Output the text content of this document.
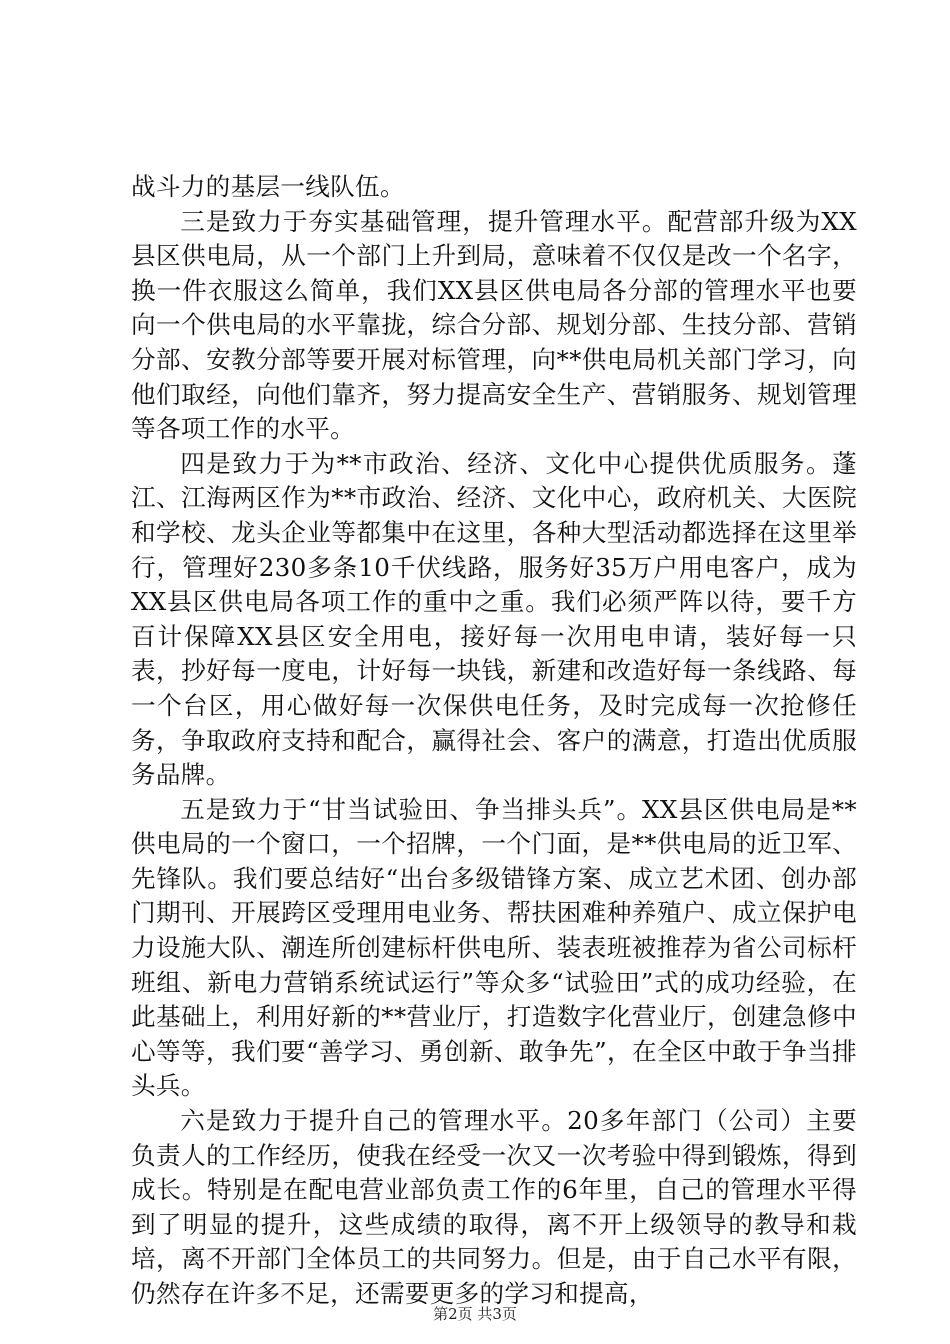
战斗力的基层一线队伍。

三是致力于夯实基础管理，提升管理水平。配营部升级为XX县区供电局，从一个部门上升到局，意味着不仅仅是改一个名字，换一件衣服这么简单，我们XX县区供电局各分部的管理水平也要向一个供电局的水平靠拢，综合分部、规划分部、生技分部、营销分部、安教分部等要开展对标管理，向**供电局机关部门学习，向他们取经，向他们靠齐，努力提高安全生产、营销服务、规划管理等各项工作的水平。

四是致力于为**市政治、经济、文化中心提供优质服务。蓬江、江海两区作为**市政治、经济、文化中心，政府机关、大医院和学校、龙头企业等都集中在这里，各种大型活动都选择在这里举行，管理好230多条10千伏线路，服务好35万户用电客户，成为XX县区供电局各项工作的重中之重。我们必须严阵以待，要千方百计保障XX县区安全用电，接好每一次用电申请，装好每一只表，抄好每一度电，计好每一块钱，新建和改造好每一条线路、每一个台区，用心做好每一次保供电任务，及时完成每一次抢修任务，争取政府支持和配合，赢得社会、客户的满意，打造出优质服务品牌。

五是致力于“甘当试验田、争当排头兵”。XX县区供电局是**供电局的一个窗口，一个招牌，一个门面，是**供电局的近卫军、先锋队。我们要总结好“出台多级错锋方案、成立艺术团、创办部门期刊、开展跨区受理用电业务、帮扶困难种养殖户、成立保护电力设施大队、潮连所创建标杆供电所、装表班被推荐为省公司标杆班组、新电力营销系统试运行”等众多“试验田”式的成功经验，在此基础上，利用好新的**营业厅，打造数字化营业厅，创建急修中心等等，我们要“善学习、勇创新、敢争先”，在全区中敢于争当排头兵。

六是致力于提升自己的管理水平。20多年部门（公司）主要负责人的工作经历，使我在经受一次又一次考验中得到锻炼，得到成长。特别是在配电营业部负责工作的6年里，自己的管理水平得到了明显的提升，这些成绩的取得，离不开上级领导的教导和栽培，离不开部门全体员工的共同努力。但是，由于自己水平有限，仍然存在许多不足，还需要更多的学习和提高，

第2页 共3页
